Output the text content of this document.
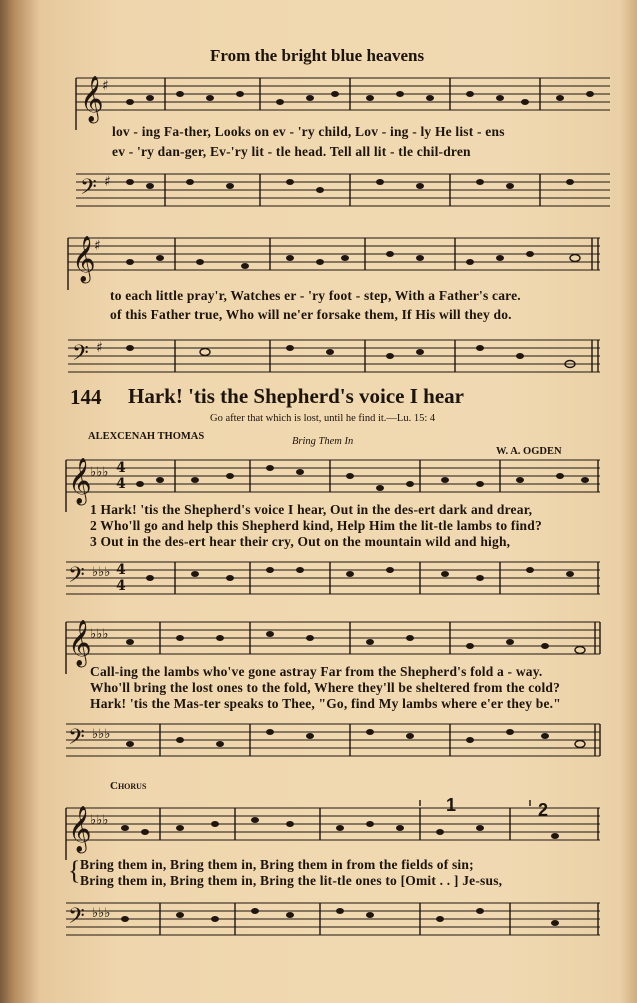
From the bright blue heavens
𝄞
♯
lov - ing Fa-ther, Looks on ev - 'ry child, Lov - ing - ly He list - ens
ev - 'ry dan-ger, Ev-'ry lit - tle head. Tell all lit - tle chil-dren
𝄢 ♯
𝄞
♯
to each little pray'r, Watches er - 'ry foot - step, With a Father's care.
of this Father true, Who will ne'er forsake them, If His will they do.
𝄢 ♯
144 Hark! 'tis the Shepherd's voice I hear
Go after that which is lost, until he find it.—Lu. 15: 4
ALEXCENAH THOMAS	Bring Them In
W. A. OGDEN
𝄞
♭♭♭ 4
4
1 Hark! 'tis the Shepherd's voice I hear, Out in the des-ert dark and drear,
2 Who'll go and help this Shepherd kind, Help Him the lit-tle lambs to find?
3 Out in the des-ert hear their cry, Out on the mountain wild and high,
𝄢 ♭♭♭ 4
4
𝄞
♭♭♭
Call-ing the lambs who've gone astray Far from the Shepherd's fold a - way.
Who'll bring the lost ones to the fold, Where they'll be sheltered from the cold?
Hark! 'tis the Mas-ter speaks to Thee, "Go, find My lambs where e'er they be."
𝄢 ♭♭♭
Chorus
𝄞
♭♭♭
1	2
{ Bring them in, Bring them in, Bring them in from the fields of sin;
Bring them in, Bring them in, Bring the lit-tle ones to [Omit . . ] Je-sus,
𝄢 ♭♭♭
